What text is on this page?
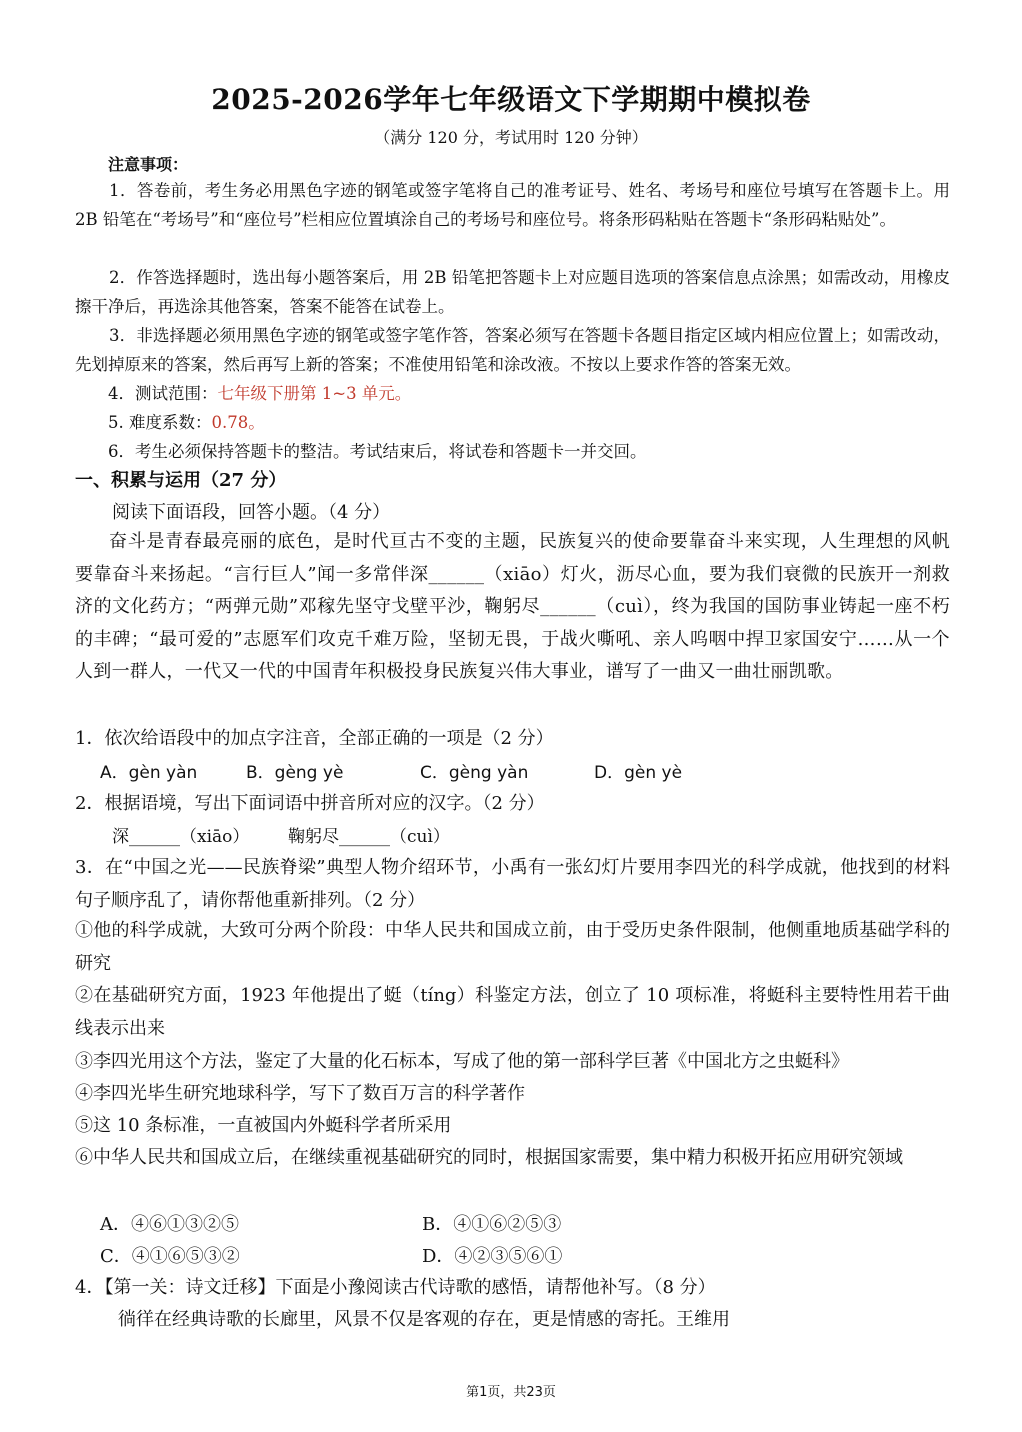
2025-2026学年七年级语文下学期期中模拟卷
（满分 120 分，考试用时 120 分钟）
注意事项：
1．答卷前，考生务必用黑色字迹的钢笔或签字笔将自己的准考证号、姓名、考场号和座位号填写在答题卡上。用 2B 铅笔在“考场号”和“座位号”栏相应位置填涂自己的考场号和座位号。将条形码粘贴在答题卡“条形码粘贴处”。
2．作答选择题时，选出每小题答案后，用 2B 铅笔把答题卡上对应题目选项的答案信息点涂黑；如需改动，用橡皮擦干净后，再选涂其他答案，答案不能答在试卷上。
3．非选择题必须用黑色字迹的钢笔或签字笔作答，答案必须写在答题卡各题目指定区域内相应位置上；如需改动，先划掉原来的答案，然后再写上新的答案；不准使用铅笔和涂改液。不按以上要求作答的答案无效。
4．测试范围：七年级下册第 1~3 单元。
5. 难度系数：0.78。
6．考生必须保持答题卡的整洁。考试结束后，将试卷和答题卡一并交回。
一、积累与运用（27 分）
阅读下面语段，回答小题。（4 分）
奋斗是青春最亮丽的底色，是时代亘古不变的主题，民族复兴的使命要靠奋斗来实现，人生理想的风帆要靠奋斗来扬起。“言行巨人”闻一多常伴深______（xiāo）灯火，沥尽心血，要为我们衰微的民族开一剂救济的文化药方；“两弹元勋”邓稼先坚守戈壁平沙，鞠躬尽______（cuì），终为我国的国防事业铸起一座不朽的丰碑；“最可爱的”志愿军们攻克千难万险，坚韧无畏，于战火嘶吼、亲人呜咽中捍卫家国安宁……从一个人到一群人，一代又一代的中国青年积极投身民族复兴伟大事业，谱写了一曲又一曲壮丽凯歌。
1．依次给语段中的加点字注音，全部正确的一项是（2 分）
A．gèn yàn	B．gèng yè	C．gèng yàn	D．gèn yè
2．根据语境，写出下面词语中拼音所对应的汉字。（2 分）
深______（xiāo） 鞠躬尽______（cuì）
3．在“中国之光——民族脊梁”典型人物介绍环节，小禹有一张幻灯片要用李四光的科学成就，他找到的材料句子顺序乱了，请你帮他重新排列。（2 分）
①他的科学成就，大致可分两个阶段：中华人民共和国成立前，由于受历史条件限制，他侧重地质基础学科的研究
②在基础研究方面，1923 年他提出了蜓（tíng）科鉴定方法，创立了 10 项标准，将蜓科主要特性用若干曲线表示出来
③李四光用这个方法，鉴定了大量的化石标本，写成了他的第一部科学巨著《中国北方之虫蜓科》
④李四光毕生研究地球科学，写下了数百万言的科学著作
⑤这 10 条标准，一直被国内外蜓科学者所采用
⑥中华人民共和国成立后，在继续重视基础研究的同时，根据国家需要，集中精力积极开拓应用研究领域
A．④⑥①③②⑤	B．④①⑥②⑤③
C．④①⑥⑤③②	D．④②③⑤⑥①
4．【第一关：诗文迁移】下面是小豫阅读古代诗歌的感悟，请帮他补写。（8 分）
徜徉在经典诗歌的长廊里，风景不仅是客观的存在，更是情感的寄托。王维用
第1页，共23页
